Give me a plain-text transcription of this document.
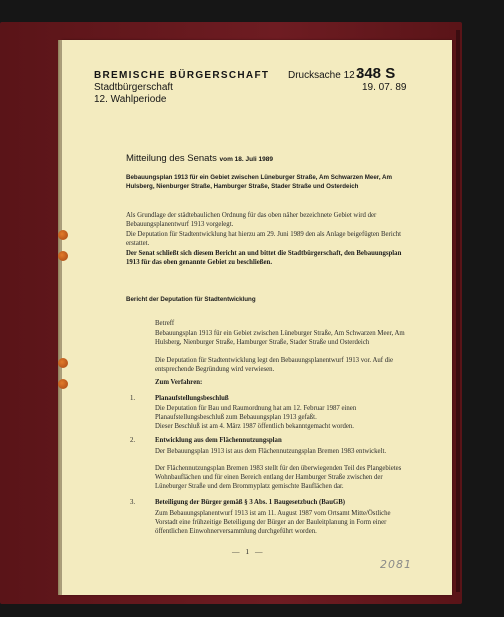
BREMISCHE BÜRGERSCHAFT

Stadtbürgerschaft

12. Wahlperiode

Drucksache 12 /

348 S

19. 07. 89

Mitteilung des Senats vom 18. Juli 1989

Bebauungsplan 1913 für ein Gebiet zwischen Lüneburger Straße, Am Schwarzen Meer, Am Hulsberg, Nienburger Straße, Hamburger Straße, Stader Straße und Osterdeich

Als Grundlage der städtebaulichen Ordnung für das oben näher bezeichnete Gebiet wird der Bebauungsplanentwurf 1913 vorgelegt.

Die Deputation für Stadtentwicklung hat hierzu am 29. Juni 1989 den als Anlage beigefügten Bericht erstattet.

Der Senat schließt sich diesem Bericht an und bittet die Stadtbürgerschaft, den Bebauungsplan 1913 für das oben genannte Gebiet zu beschließen.

Bericht der Deputation für Stadtentwicklung

Betreff

Bebauungsplan 1913 für ein Gebiet zwischen Lüneburger Straße, Am Schwarzen Meer, Am Hulsberg, Nienburger Straße, Hamburger Straße, Stader Straße und Osterdeich

Die Deputation für Stadtentwicklung legt den Bebauungsplanentwurf 1913 vor. Auf die entsprechende Begründung wird verwiesen.

Zum Verfahren:

1.	Planaufstellungsbeschluß

Die Deputation für Bau und Raumordnung hat am 12. Februar 1987 einen Planaufstellungsbeschluß zum Bebauungsplan 1913 gefaßt.

Dieser Beschluß ist am 4. März 1987 öffentlich bekanntgemacht worden.

2.	Entwicklung aus dem Flächennutzungsplan

Der Bebauungsplan 1913 ist aus dem Flächennutzungsplan Bremen 1983 entwickelt.

Der Flächennutzungsplan Bremen 1983 stellt für den überwiegenden Teil des Plangebietes Wohnbauflächen und für einen Bereich entlang der Hamburger Straße zwischen der Lüneburger Straße und dem Brommyplatz gemischte Bauflächen dar.

3.	Beteiligung der Bürger gemäß § 3 Abs. 1 Baugesetzbuch (BauGB)

Zum Bebauungsplanentwurf 1913 ist am 11. August 1987 vom Ortsamt Mitte/Östliche Vorstadt eine frühzeitige Beteiligung der Bürger an der Bauleitplanung in Form einer öffentlichen Einwohnerversammlung durchgeführt worden.

— 1 —

2081
